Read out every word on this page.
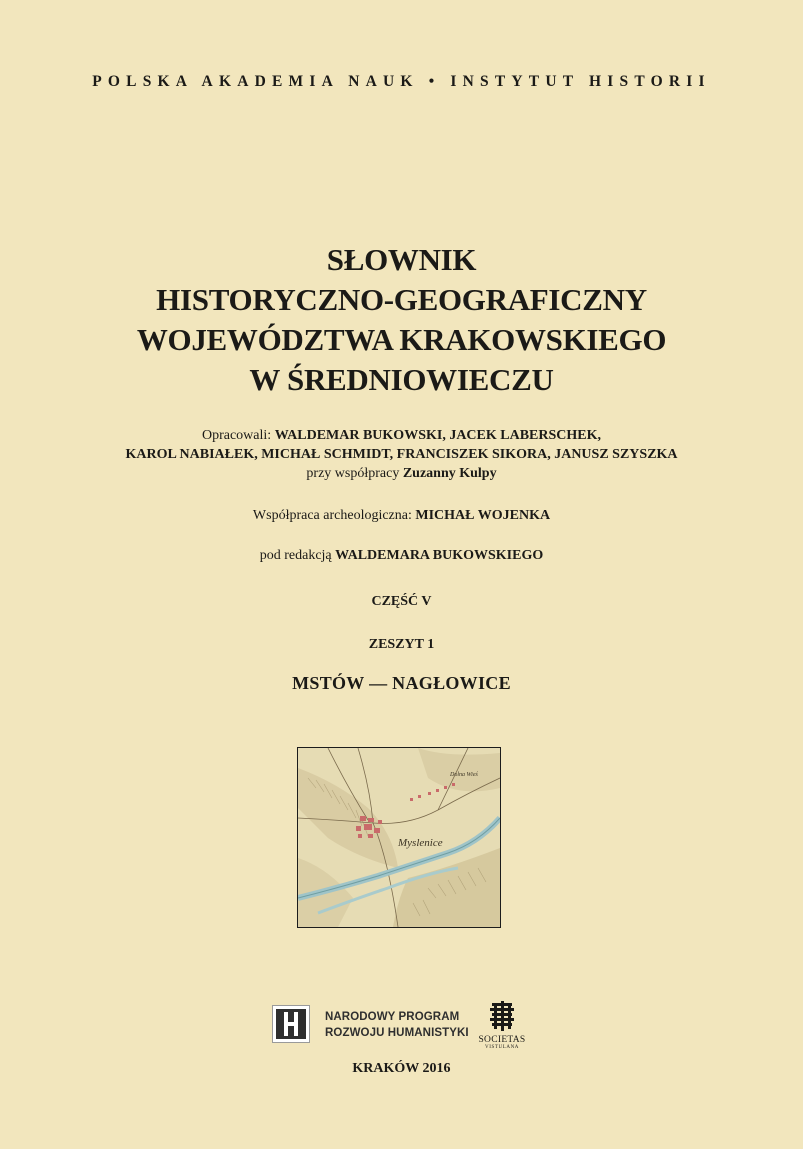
POLSKA AKADEMIA NAUK • INSTYTUT HISTORII
SŁOWNIK
HISTORYCZNO-GEOGRAFICZNY
WOJEWÓDZTWA KRAKOWSKIEGO
W ŚREDNIOWIECZU
Opracowali: WALDEMAR BUKOWSKI, JACEK LABERSCHEK,
KAROL NABIAŁEK, MICHAŁ SCHMIDT, FRANCISZEK SIKORA, JANUSZ SZYSZKA
przy współpracy Zuzanny Kulpy
Współpraca archeologiczna: MICHAŁ WOJENKA
pod redakcją WALDEMARA BUKOWSKIEGO
CZĘŚĆ V
ZESZYT 1
MSTÓW — NAGŁOWICE
Myslenice
Dolna Wieś
NARODOWY PROGRAM
ROZWOJU HUMANISTYKI
SOCIETAS
VISTULANA
KRAKÓW 2016
